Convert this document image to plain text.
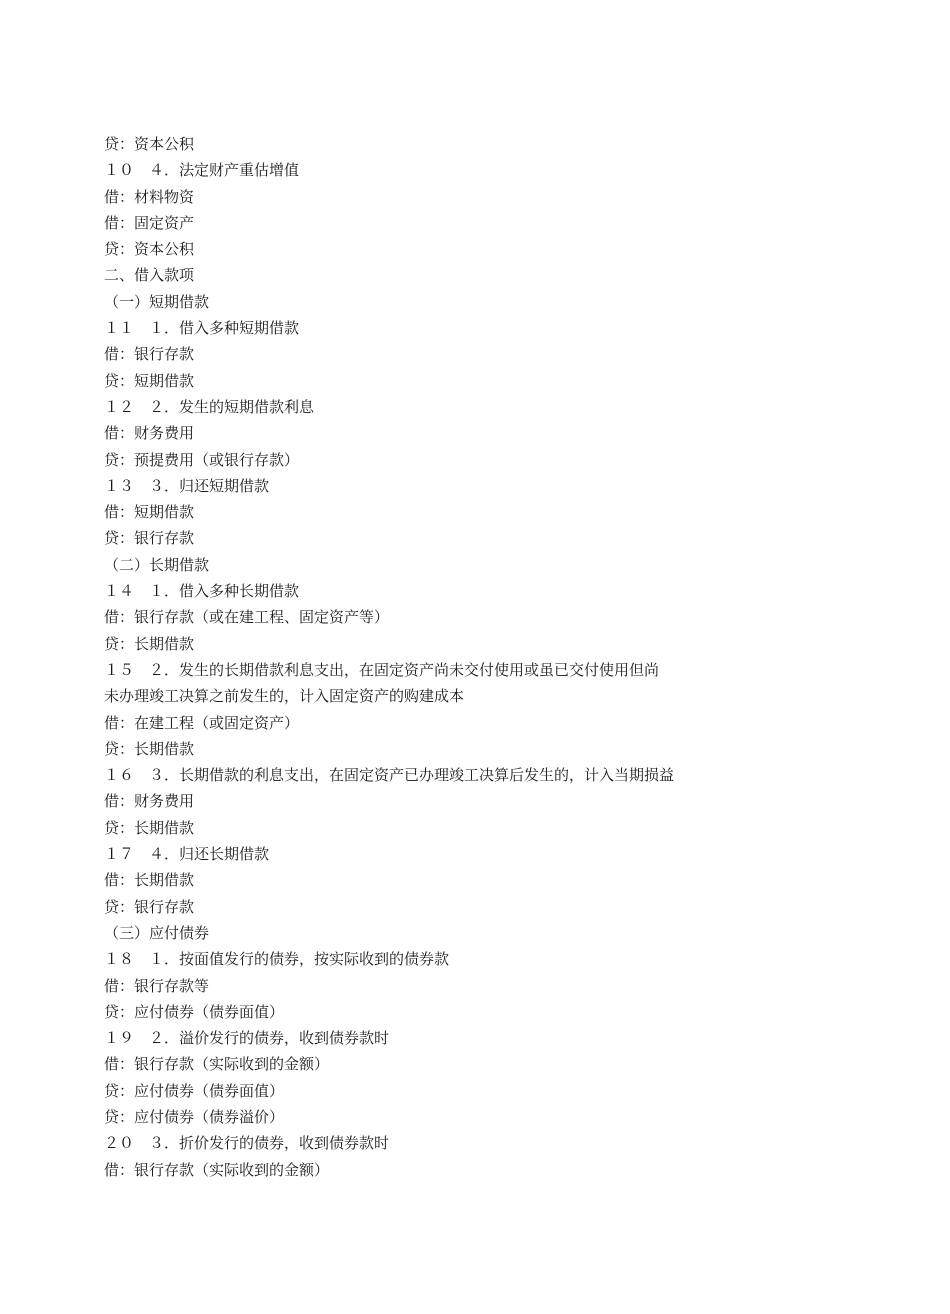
贷：资本公积
１０　４．法定财产重估增值
借：材料物资
借：固定资产
贷：资本公积
二、借入款项
（一）短期借款
１１　１．借入多种短期借款
借：银行存款
贷：短期借款
１２　２．发生的短期借款利息
借：财务费用
贷：预提费用（或银行存款）
１３　３．归还短期借款
借：短期借款
贷：银行存款
（二）长期借款
１４　１．借入多种长期借款
借：银行存款（或在建工程、固定资产等）
贷：长期借款
１５　２．发生的长期借款利息支出，在固定资产尚未交付使用或虽已交付使用但尚
未办理竣工决算之前发生的，计入固定资产的购建成本
借：在建工程（或固定资产）
贷：长期借款
１６　３．长期借款的利息支出，在固定资产已办理竣工决算后发生的，计入当期损益
借：财务费用
贷：长期借款
１７　４．归还长期借款
借：长期借款
贷：银行存款
（三）应付债券
１８　１．按面值发行的债券，按实际收到的债券款
借：银行存款等
贷：应付债券（债券面值）
１９　２．溢价发行的债券，收到债券款时
借：银行存款（实际收到的金额）
贷：应付债券（债券面值）
贷：应付债券（债券溢价）
２０　３．折价发行的债券，收到债券款时
借：银行存款（实际收到的金额）
